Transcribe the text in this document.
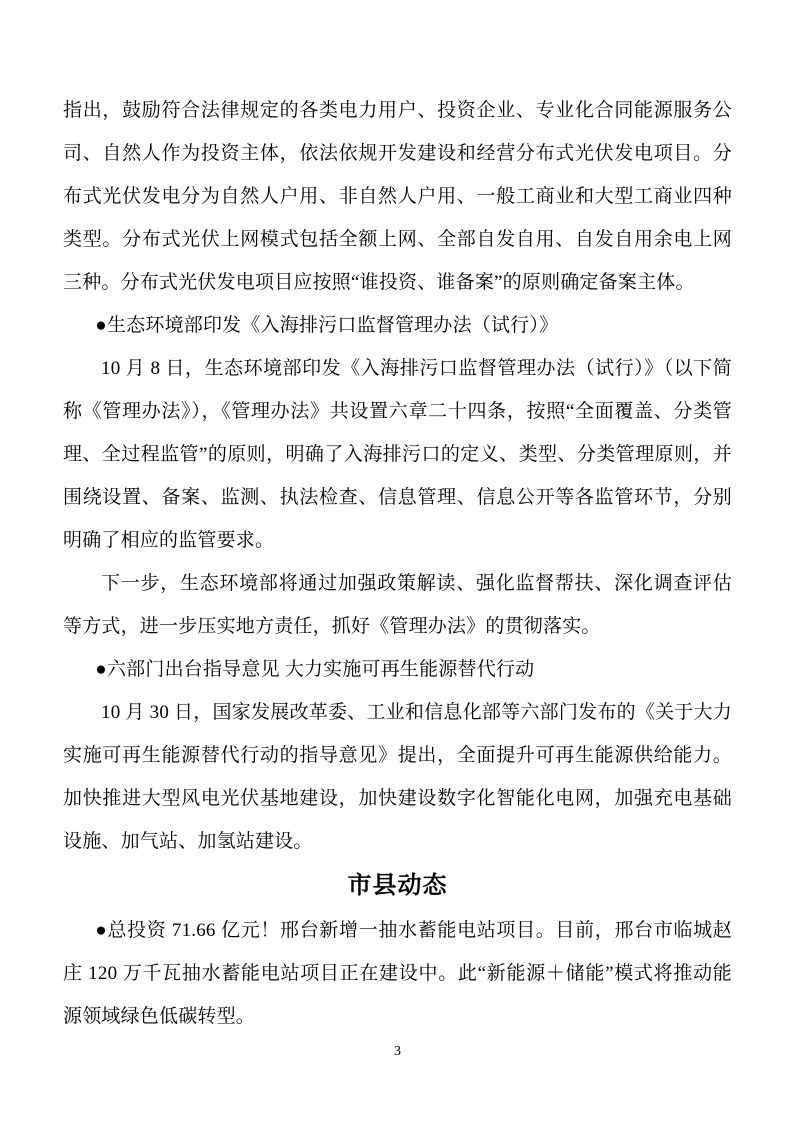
指出，鼓励符合法律规定的各类电力用户、投资企业、专业化合同能源服务公司、自然人作为投资主体，依法依规开发建设和经营分布式光伏发电项目。分布式光伏发电分为自然人户用、非自然人户用、一般工商业和大型工商业四种类型。分布式光伏上网模式包括全额上网、全部自发自用、自发自用余电上网三种。分布式光伏发电项目应按照“谁投资、谁备案”的原则确定备案主体。

●生态环境部印发《入海排污口监督管理办法（试行）》

10 月 8 日，生态环境部印发《入海排污口监督管理办法（试行）》（以下简称《管理办法》），《管理办法》共设置六章二十四条，按照“全面覆盖、分类管理、全过程监管”的原则，明确了入海排污口的定义、类型、分类管理原则，并围绕设置、备案、监测、执法检查、信息管理、信息公开等各监管环节，分别明确了相应的监管要求。

下一步，生态环境部将通过加强政策解读、强化监督帮扶、深化调查评估等方式，进一步压实地方责任，抓好《管理办法》的贯彻落实。

●六部门出台指导意见 大力实施可再生能源替代行动

10 月 30 日，国家发展改革委、工业和信息化部等六部门发布的《关于大力实施可再生能源替代行动的指导意见》提出，全面提升可再生能源供给能力。加快推进大型风电光伏基地建设，加快建设数字化智能化电网，加强充电基础设施、加气站、加氢站建设。

市县动态

●总投资 71.66 亿元！邢台新增一抽水蓄能电站项目。目前，邢台市临城赵庄 120 万千瓦抽水蓄能电站项目正在建设中。此“新能源＋储能”模式将推动能源领域绿色低碳转型。

3
